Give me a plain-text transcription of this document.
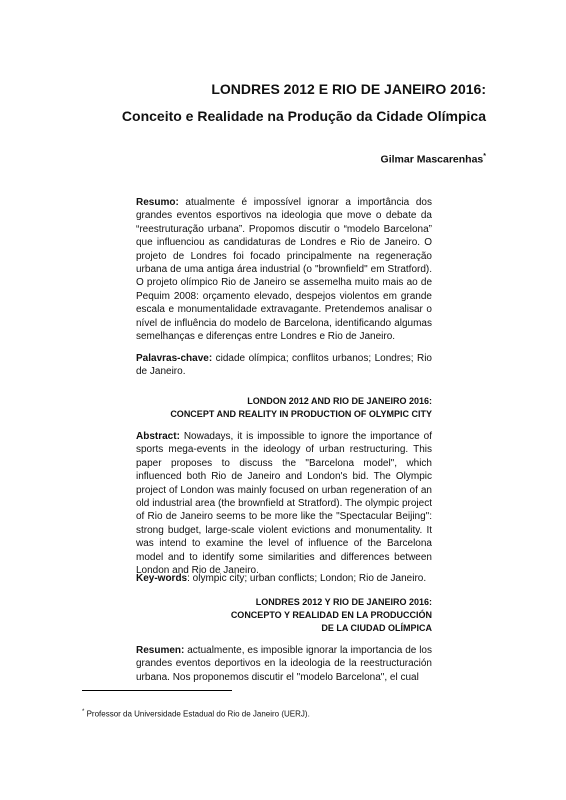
LONDRES 2012 E RIO DE JANEIRO 2016:
Conceito e Realidade na Produção da Cidade Olímpica
Gilmar Mascarenhas*
Resumo: atualmente é impossível ignorar a importância dos grandes eventos esportivos na ideologia que move o debate da “reestruturação urbana”. Propomos discutir o “modelo Barcelona” que influenciou as candidaturas de Londres e Rio de Janeiro. O projeto de Londres foi focado principalmente na regeneração urbana de uma antiga área industrial (o "brownfield" em Stratford). O projeto olímpico Rio de Janeiro se assemelha muito mais ao de Pequim 2008: orçamento elevado, despejos violentos em grande escala e monumentalidade extravagante. Pretendemos analisar o nível de influência do modelo de Barcelona, identificando algumas semelhanças e diferenças entre Londres e Rio de Janeiro.
Palavras-chave: cidade olímpica; conflitos urbanos; Londres; Rio de Janeiro.
LONDON 2012 AND RIO DE JANEIRO 2016:
CONCEPT AND REALITY IN PRODUCTION OF OLYMPIC CITY
Abstract: Nowadays, it is impossible to ignore the importance of sports mega-events in the ideology of urban restructuring. This paper proposes to discuss the "Barcelona model", which influenced both Rio de Janeiro and London's bid. The Olympic project of London was mainly focused on urban regeneration of an old industrial area (the brownfield at Stratford). The olympic project of Rio de Janeiro seems to be more like the "Spectacular Beijing": strong budget, large-scale violent evictions and monumentality. It was intend to examine the level of influence of the Barcelona model and to identify some similarities and differences between London and Rio de Janeiro.
Key-words: olympic city; urban conflicts; London; Rio de Janeiro.
LONDRES 2012 Y RIO DE JANEIRO 2016:
CONCEPTO Y REALIDAD EN LA PRODUCCIÓN
DE LA CIUDAD OLÍMPICA
Resumen: actualmente, es imposible ignorar la importancia de los grandes eventos deportivos en la ideologia de la reestructuración urbana. Nos proponemos discutir el "modelo Barcelona", el cual
* Professor da Universidade Estadual do Rio de Janeiro (UERJ).
